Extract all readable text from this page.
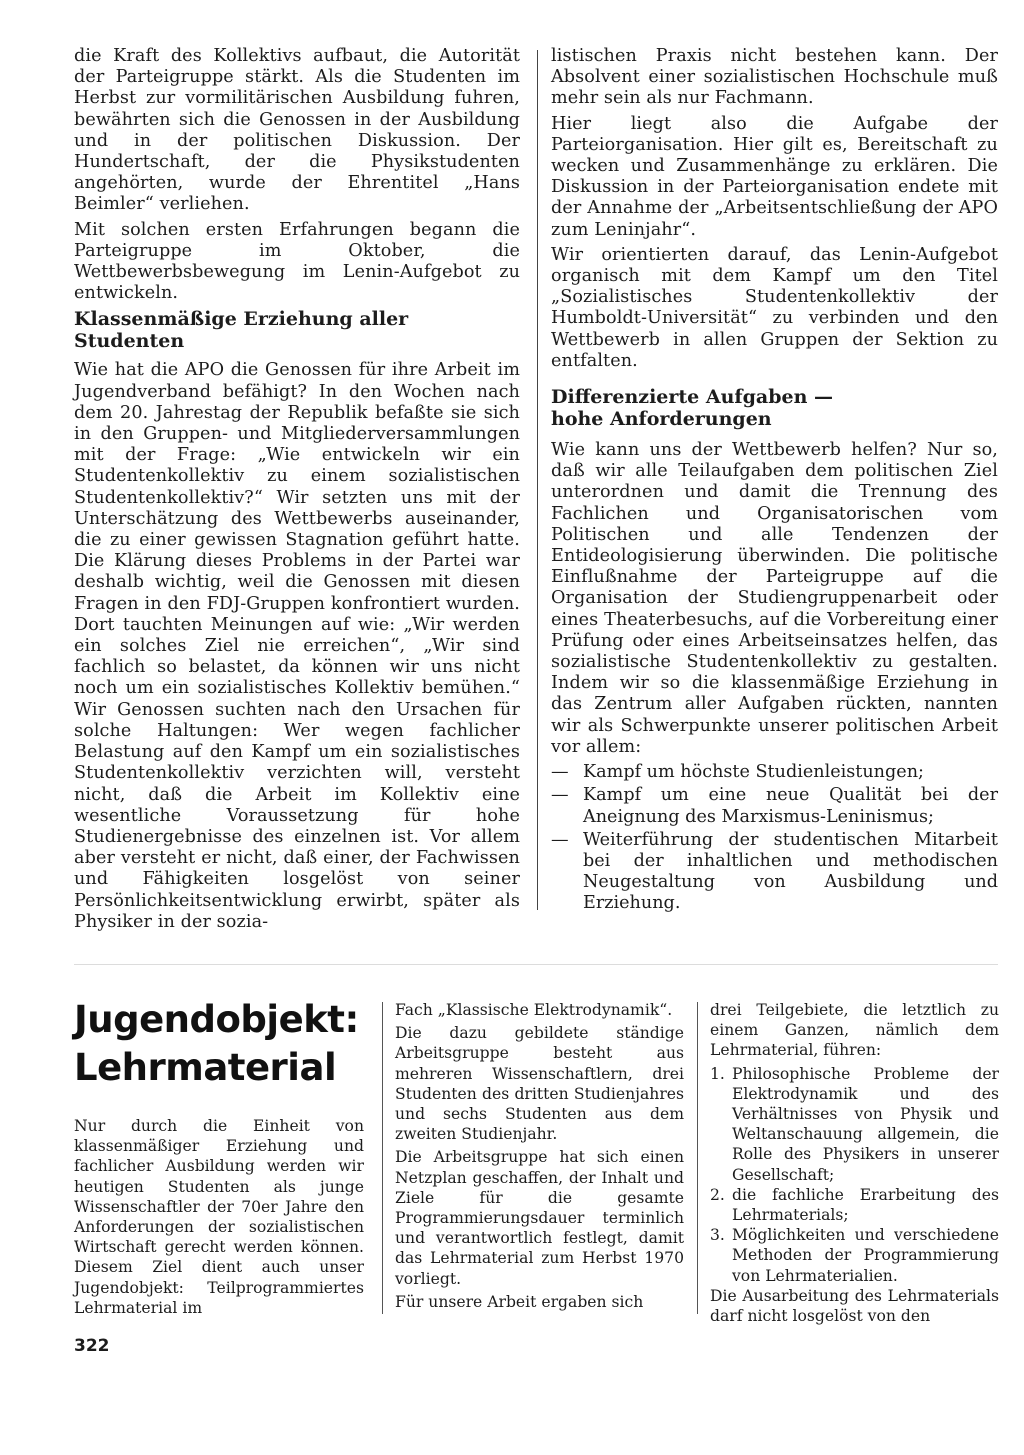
die Kraft des Kollektivs aufbaut, die Autorität der Parteigruppe stärkt. Als die Studenten im Herbst zur vormilitärischen Ausbildung fuhren, bewährten sich die Genossen in der Ausbildung und in der politischen Diskussion. Der Hundertschaft, der die Physikstudenten angehörten, wurde der Ehrentitel „Hans Beimler“ verliehen.

Mit solchen ersten Erfahrungen begann die Parteigruppe im Oktober, die Wettbewerbsbewegung im Lenin-Aufgebot zu entwickeln.

Klassenmäßige Erziehung aller Studenten

Wie hat die APO die Genossen für ihre Arbeit im Jugendverband befähigt? In den Wochen nach dem 20. Jahrestag der Republik befaßte sie sich in den Gruppen- und Mitgliederversammlungen mit der Frage: „Wie entwickeln wir ein Studentenkollektiv zu einem sozialistischen Studentenkollektiv?“ Wir setzten uns mit der Unterschätzung des Wettbewerbs auseinander, die zu einer gewissen Stagnation geführt hatte. Die Klärung dieses Problems in der Partei war deshalb wichtig, weil die Genossen mit diesen Fragen in den FDJ-Gruppen konfrontiert wurden. Dort tauchten Meinungen auf wie: „Wir werden ein solches Ziel nie erreichen“, „Wir sind fachlich so belastet, da können wir uns nicht noch um ein sozialistisches Kollektiv bemühen.“ Wir Genossen suchten nach den Ursachen für solche Haltungen: Wer wegen fachlicher Belastung auf den Kampf um ein sozialistisches Studentenkollektiv verzichten will, versteht nicht, daß die Arbeit im Kollektiv eine wesentliche Voraussetzung für hohe Studienergebnisse des einzelnen ist. Vor allem aber versteht er nicht, daß einer, der Fachwissen und Fähigkeiten losgelöst von seiner Persönlichkeitsentwicklung erwirbt, später als Physiker in der sozia-

listischen Praxis nicht bestehen kann. Der Absolvent einer sozialistischen Hochschule muß mehr sein als nur Fachmann.

Hier liegt also die Aufgabe der Parteiorganisation. Hier gilt es, Bereitschaft zu wecken und Zusammenhänge zu erklären. Die Diskussion in der Parteiorganisation endete mit der Annahme der „Arbeitsentschließung der APO zum Leninjahr“.

Wir orientierten darauf, das Lenin-Aufgebot organisch mit dem Kampf um den Titel „Sozialistisches Studentenkollektiv der Humboldt-Universität“ zu verbinden und den Wettbewerb in allen Gruppen der Sektion zu entfalten.

Differenzierte Aufgaben —
hohe Anforderungen

Wie kann uns der Wettbewerb helfen? Nur so, daß wir alle Teilaufgaben dem politischen Ziel unterordnen und damit die Trennung des Fachlichen und Organisatorischen vom Politischen und alle Tendenzen der Entideologisierung überwinden. Die politische Einflußnahme der Parteigruppe auf die Organisation der Studiengruppenarbeit oder eines Theaterbesuchs, auf die Vorbereitung einer Prüfung oder eines Arbeitseinsatzes helfen, das sozialistische Studentenkollektiv zu gestalten. Indem wir so die klassenmäßige Erziehung in das Zentrum aller Aufgaben rückten, nannten wir als Schwerpunkte unserer politischen Arbeit vor allem:

— Kampf um höchste Studienleistungen;
— Kampf um eine neue Qualität bei der Aneignung des Marxismus-Leninismus;
— Weiterführung der studentischen Mitarbeit bei der inhaltlichen und methodischen Neugestaltung von Ausbildung und Erziehung.
Jugendobjekt:
Lehrmaterial

Nur durch die Einheit von klassenmäßiger Erziehung und fachlicher Ausbildung werden wir heutigen Studenten als junge Wissenschaftler der 70er Jahre den Anforderungen der sozialistischen Wirtschaft gerecht werden können. Diesem Ziel dient auch unser Jugendobjekt: Teilprogrammiertes Lehrmaterial im

Fach „Klassische Elektrodynamik“.

Die dazu gebildete ständige Arbeitsgruppe besteht aus mehreren Wissenschaftlern, drei Studenten des dritten Studienjahres und sechs Studenten aus dem zweiten Studienjahr.

Die Arbeitsgruppe hat sich einen Netzplan geschaffen, der Inhalt und Ziele für die gesamte Programmierungsdauer terminlich und verantwortlich festlegt, damit das Lehrmaterial zum Herbst 1970 vorliegt.

Für unsere Arbeit ergaben sich

drei Teilgebiete, die letztlich zu einem Ganzen, nämlich dem Lehrmaterial, führen:

1. Philosophische Probleme der Elektrodynamik und des Verhältnisses von Physik und Weltanschauung allgemein, die Rolle des Physikers in unserer Gesellschaft;
2. die fachliche Erarbeitung des Lehrmaterials;
3. Möglichkeiten und verschiedene Methoden der Programmierung von Lehrmaterialien.

Die Ausarbeitung des Lehrmaterials darf nicht losgelöst von den

322
